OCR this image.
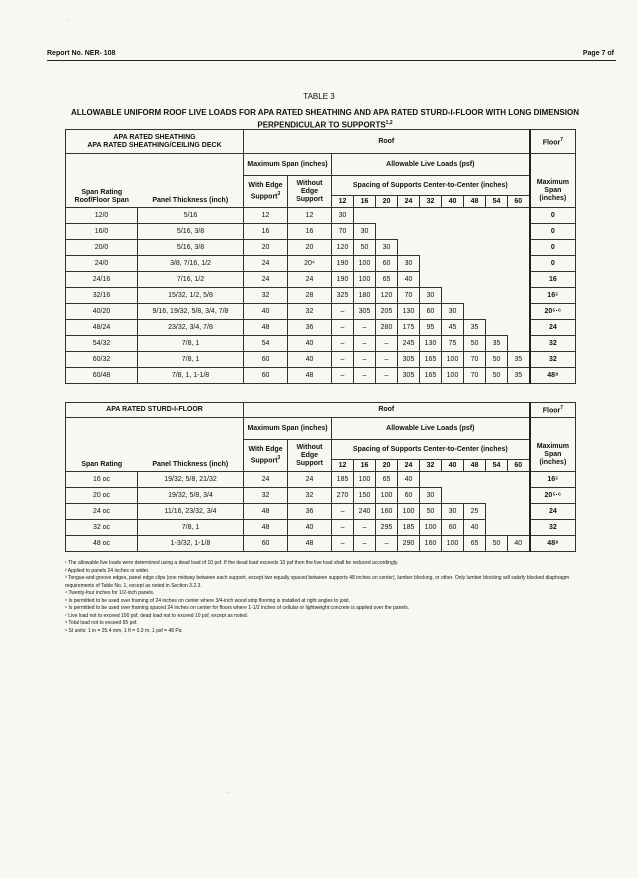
Report No. NER- 108	Page 7 of
TABLE 3
ALLOWABLE UNIFORM ROOF LIVE LOADS FOR APA RATED SHEATHING AND APA RATED STURD-I-FLOOR WITH LONG DIMENSION PERPENDICULAR TO SUPPORTS$^{1,2}$
APA RATED SHEATHING
APA RATED SHEATHING/CEILING DECK		Roof											Floor$^7$
		Maximum Span (inches)		Allowable Live Loads (psf)									
Span Rating Roof/Floor Span	Panel Thickness (inch)	With Edge Support$^3$	Without Edge Support	Spacing of Supports Center-to-Center (inches)									Maximum Span (inches)
				12	16	20	24	32	40	48	54	60	
12/0	5/16	12	12	30									0
16/0	5/16, 3/8	16	16	70	30								0
20/0	5/16, 3/8	20	20	120	50	30							0
24/0	3/8, 7/16, 1/2	24	20⁴	190	100	60	30						0
24/16	7/16, 1/2	24	24	190	100	65	40						16
32/16	15/32, 1/2, 5/8	32	28	325	180	120	70	30					16⁵
40/20	9/16, 19/32, 5/8, 3/4, 7/8	40	32	–	305	205	130	60	30				20⁵·⁶
48/24	23/32, 3/4, 7/8	48	36	–	–	280	175	95	45	35			24
54/32	7/8, 1	54	40	–	–	–	245	130	75	50	35		32
60/32	7/8, 1	60	40	–	–	–	305	165	100	70	50	35	32
60/48	7/8, 1, 1-1/8	60	48	–	–	–	305	165	100	70	50	35	48⁸
APA RATED STURD-I-FLOOR		Roof											Floor$^7$
		Maximum Span (inches)		Allowable Live Loads (psf)									
Span Rating	Panel Thickness (inch)	With Edge Support$^3$	Without Edge Support	Spacing of Supports Center-to-Center (inches)									Maximum Span (inches)
				12	16	20	24	32	40	48	54	60	
16 oc	19/32, 5/8, 21/32	24	24	185	100	65	40						16⁵
20 oc	19/32, 5/8, 3/4	32	32	270	150	100	60	30					20⁵·⁶
24 oc	11/16, 23/32, 3/4	48	36	–	240	160	100	50	30	25			24
32 oc	7/8, 1	48	40	–	–	295	185	100	60	40			32
48 oc	1-3/32, 1-1/8	60	48	–	–	–	290	160	100	65	50	40	48⁸
¹ The allowable live loads were determined using a dead load of 10 psf. If the dead load exceeds 10 psf then the live load shall be reduced accordingly.
² Applied to panels 24 inches or wider.
³ Tongue-and-groove edges, panel edge clips (one midway between each support, except two equally spaced between supports 48 inches on center), lumber blocking, or other. Only lumber blocking will satisfy blocked diaphragm requirements of Table No. 1, except as noted in Section 3.2.3.
⁴ Twenty-four inches for 1/2-inch panels.
⁵ Is permitted to be used over framing of 24 inches on center where 3/4-inch wood strip flooring is installed at right angles to joist.
⁶ Is permitted to be used over framing spaced 24 inches on center for floors where 1-1/2 inches of cellular or lightweight concrete is applied over the panels.
⁷ Live load not to exceed 100 psf, dead load not to exceed 10 psf, except as noted.
⁸ Total load not to exceed 65 psf.
⁹ SI units: 1 in = 25.4 mm, 1 ft = 0.3 m, 1 psf = 48 Pa
·
·
